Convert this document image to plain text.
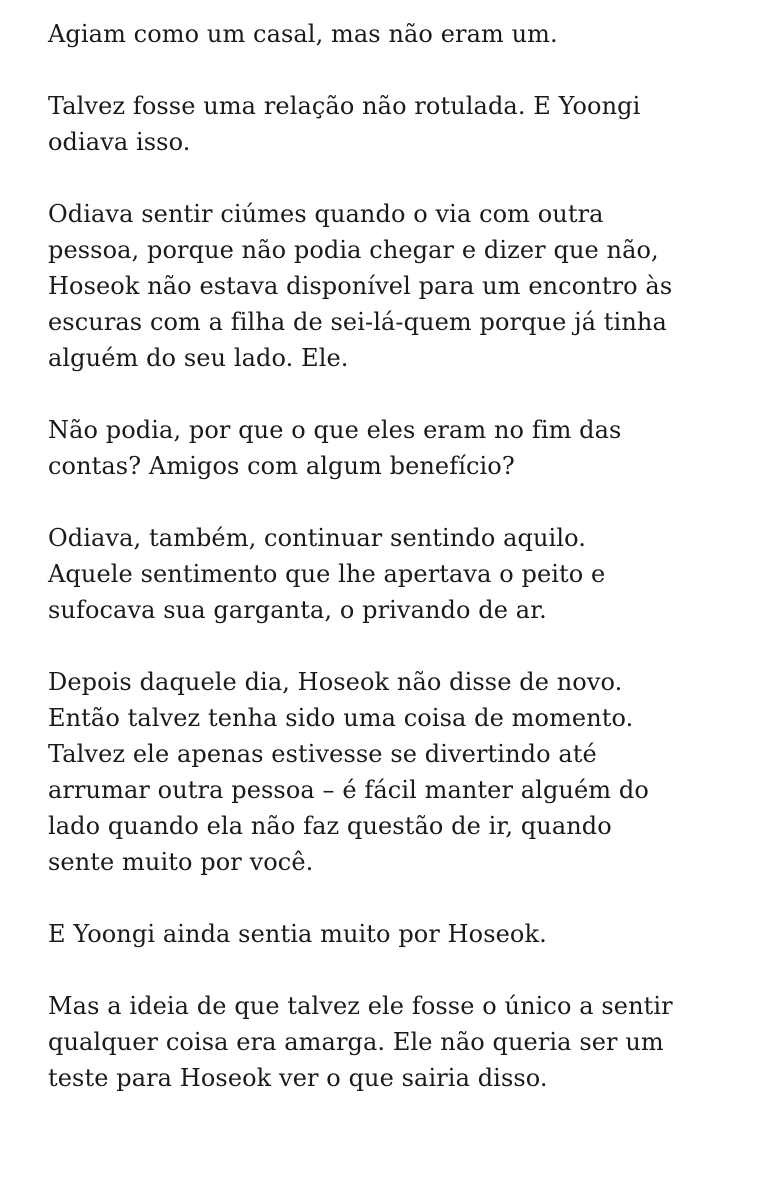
Agiam como um casal, mas não eram um.

Talvez fosse uma relação não rotulada. E Yoongi
odiava isso.

Odiava sentir ciúmes quando o via com outra
pessoa, porque não podia chegar e dizer que não,
Hoseok não estava disponível para um encontro às
escuras com a filha de sei-lá-quem porque já tinha
alguém do seu lado. Ele.

Não podia, por que o que eles eram no fim das
contas? Amigos com algum benefício?

Odiava, também, continuar sentindo aquilo.
Aquele sentimento que lhe apertava o peito e
sufocava sua garganta, o privando de ar.

Depois daquele dia, Hoseok não disse de novo.
Então talvez tenha sido uma coisa de momento.
Talvez ele apenas estivesse se divertindo até
arrumar outra pessoa – é fácil manter alguém do
lado quando ela não faz questão de ir, quando
sente muito por você.

E Yoongi ainda sentia muito por Hoseok.

Mas a ideia de que talvez ele fosse o único a sentir
qualquer coisa era amarga. Ele não queria ser um
teste para Hoseok ver o que sairia disso.
